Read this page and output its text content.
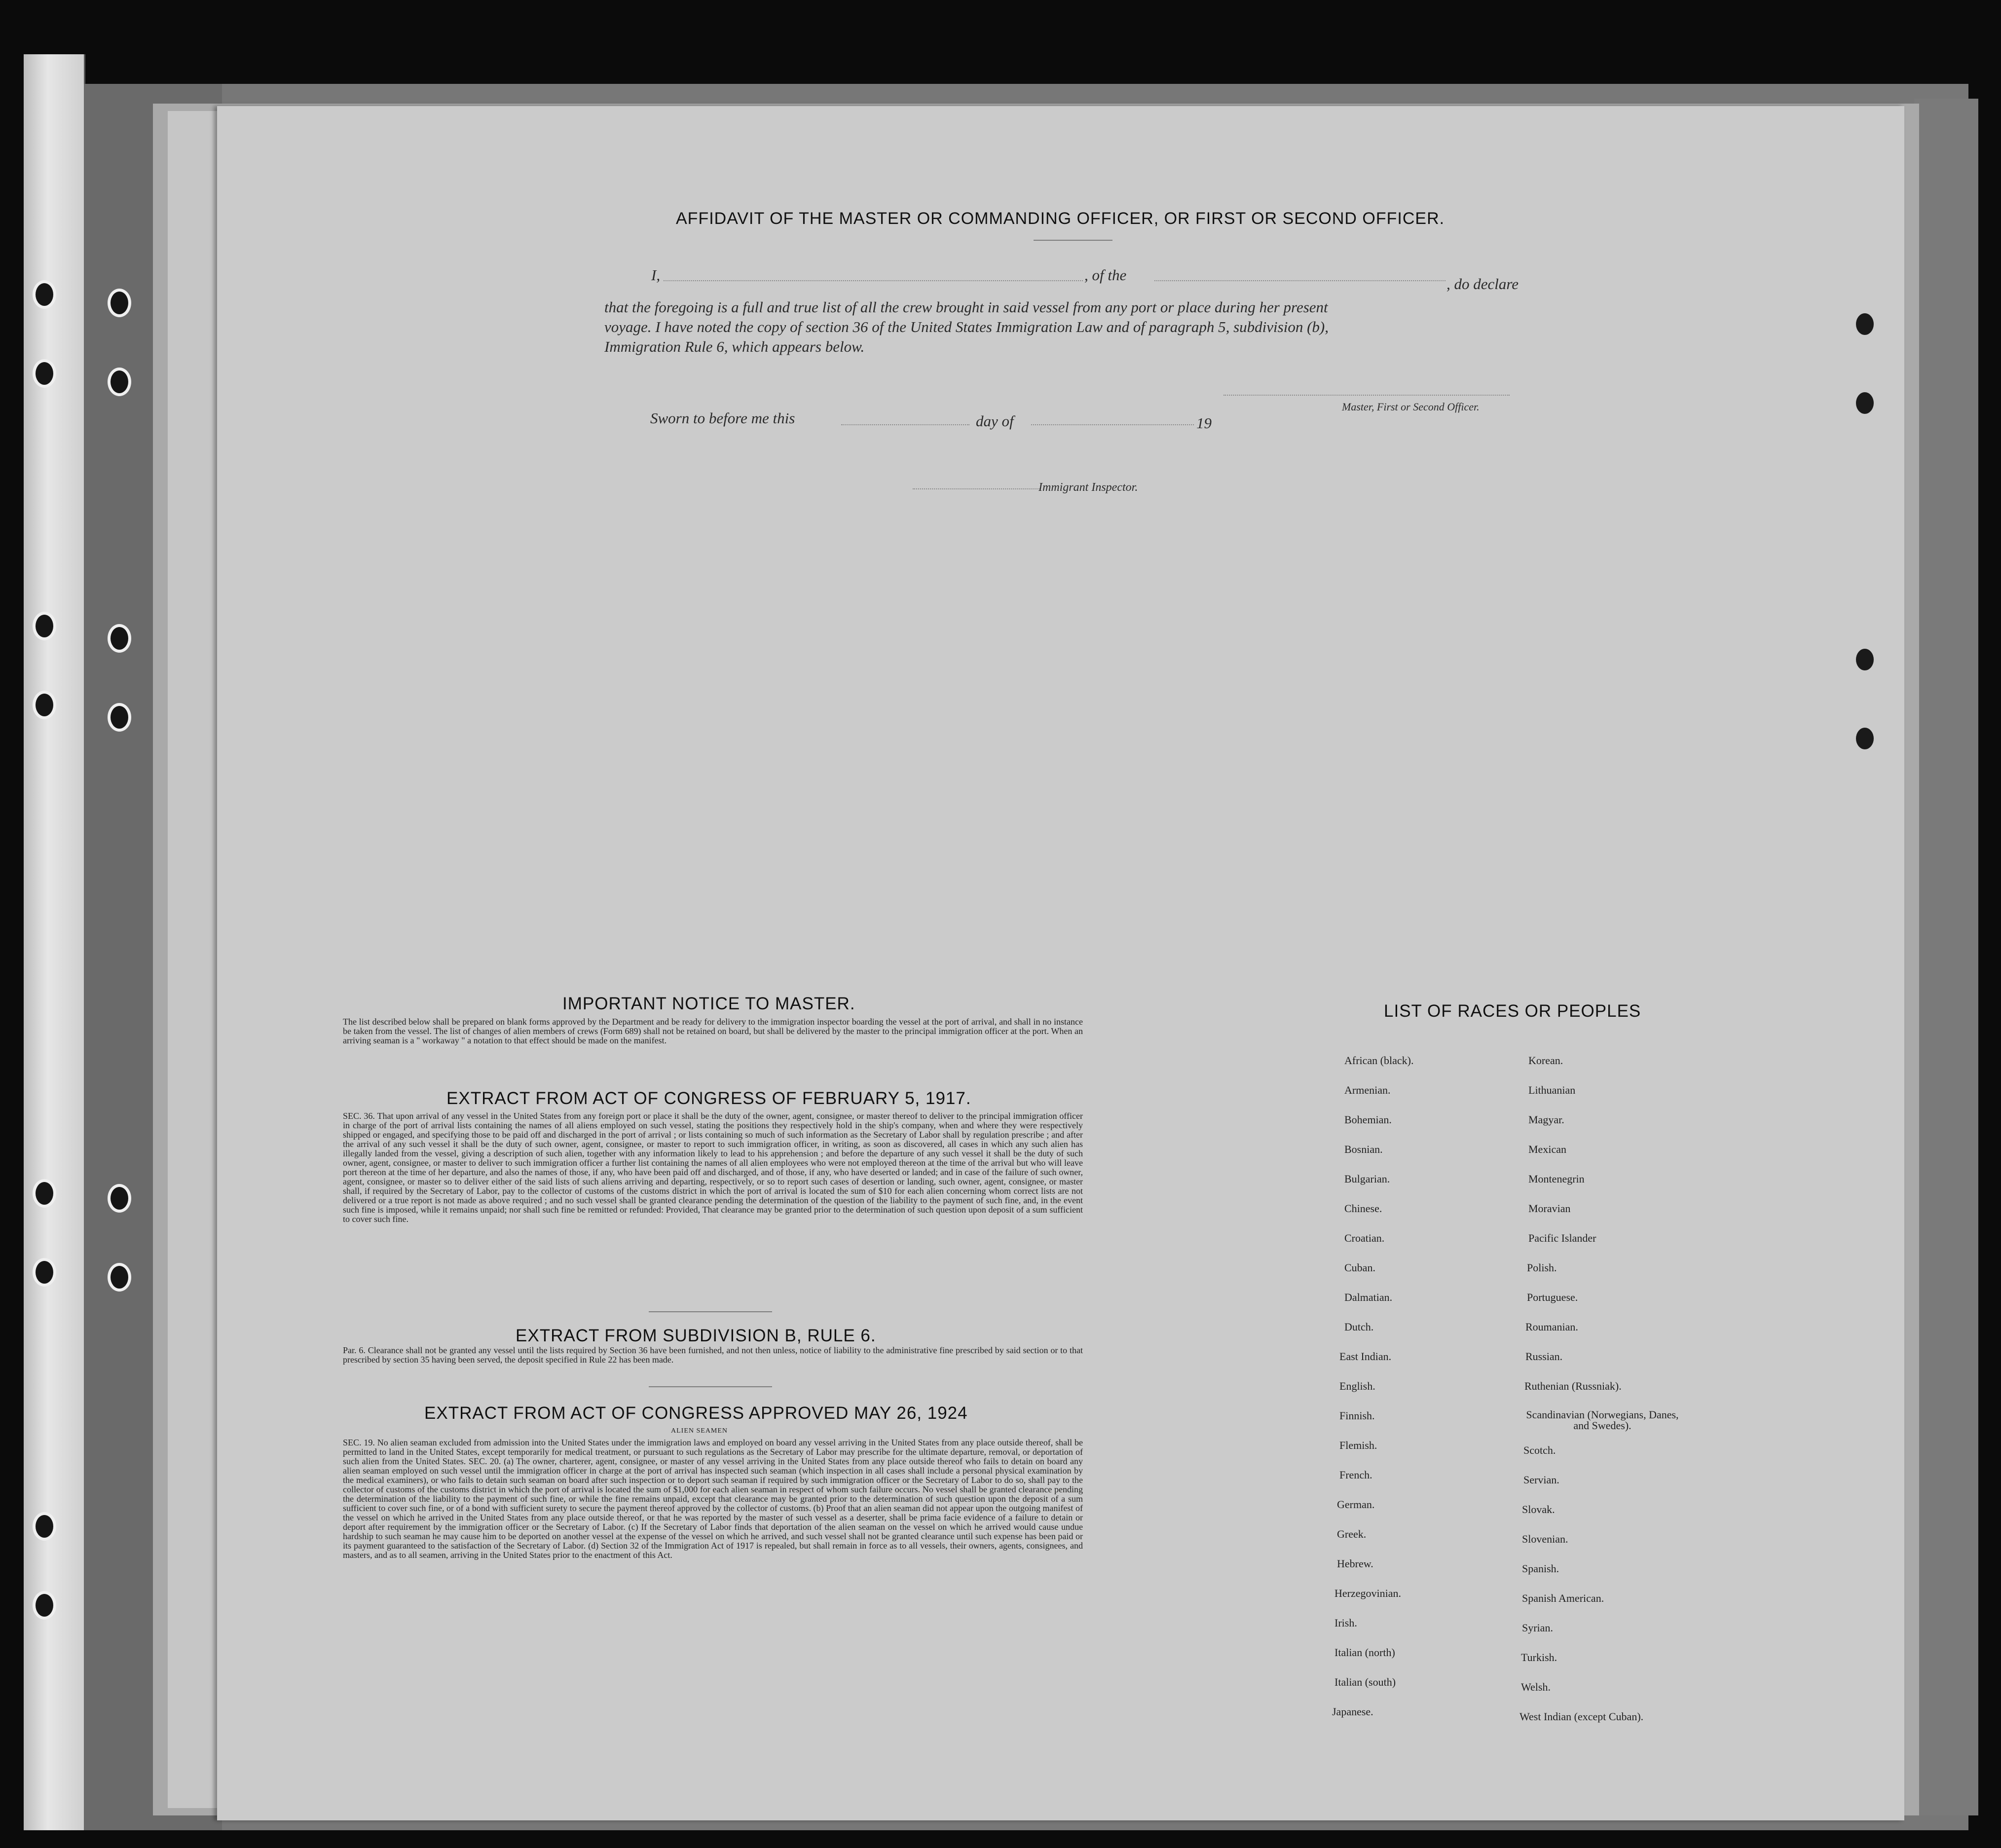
AFFIDAVIT OF THE MASTER OR COMMANDING OFFICER, OR FIRST OR SECOND OFFICER.
I,	, of the
, do declare
that the foregoing is a full and true list of all the crew brought in said vessel from any port or place during her present
voyage. I have noted the copy of section 36 of the United States Immigration Law and of paragraph 5, subdivision (b),
Immigration Rule 6, which appears below.
Master, First or Second Officer.
Sworn to before me this	day of	19
Immigrant Inspector.
IMPORTANT NOTICE TO MASTER.
The list described below shall be prepared on blank forms approved by the Department and be ready for delivery to the immigration inspector boarding the vessel at the port of arrival, and shall in no instance be taken from the vessel. The list of changes of alien members of crews (Form 689) shall not be retained on board, but shall be delivered by the master to the principal immigration officer at the port. When an arriving seaman is a " workaway " a notation to that effect should be made on the manifest.
EXTRACT FROM ACT OF CONGRESS OF FEBRUARY 5, 1917.
SEC. 36. That upon arrival of any vessel in the United States from any foreign port or place it shall be the duty of the owner, agent, consignee, or master thereof to deliver to the principal immigration officer in charge of the port of arrival lists containing the names of all aliens employed on such vessel, stating the positions they respectively hold in the ship's company, when and where they were respectively shipped or engaged, and specifying those to be paid off and discharged in the port of arrival ; or lists containing so much of such information as the Secretary of Labor shall by regulation prescribe ; and after the arrival of any such vessel it shall be the duty of such owner, agent, consignee, or master to report to such immigration officer, in writing, as soon as discovered, all cases in which any such alien has illegally landed from the vessel, giving a description of such alien, together with any information likely to lead to his apprehension ; and before the departure of any such vessel it shall be the duty of such owner, agent, consignee, or master to deliver to such immigration officer a further list containing the names of all alien employees who were not employed thereon at the time of the arrival but who will leave port thereon at the time of her departure, and also the names of those, if any, who have been paid off and discharged, and of those, if any, who have deserted or landed; and in case of the failure of such owner, agent, consignee, or master so to deliver either of the said lists of such aliens arriving and departing, respectively, or so to report such cases of desertion or landing, such owner, agent, consignee, or master shall, if required by the Secretary of Labor, pay to the collector of customs of the customs district in which the port of arrival is located the sum of $10 for each alien concerning whom correct lists are not delivered or a true report is not made as above required ; and no such vessel shall be granted clearance pending the determination of the question of the liability to the payment of such fine, and, in the event such fine is imposed, while it remains unpaid; nor shall such fine be remitted or refunded: Provided, That clearance may be granted prior to the determination of such question upon deposit of a sum sufficient to cover such fine.
EXTRACT FROM SUBDIVISION B, RULE 6.
Par. 6. Clearance shall not be granted any vessel until the lists required by Section 36 have been furnished, and not then unless, notice of liability to the administrative fine prescribed by said section or to that prescribed by section 35 having been served, the deposit specified in Rule 22 has been made.
EXTRACT FROM ACT OF CONGRESS APPROVED MAY 26, 1924
ALIEN SEAMEN
SEC. 19. No alien seaman excluded from admission into the United States under the immigration laws and employed on board any vessel arriving in the United States from any place outside thereof, shall be permitted to land in the United States, except temporarily for medical treatment, or pursuant to such regulations as the Secretary of Labor may prescribe for the ultimate departure, removal, or deportation of such alien from the United States. SEC. 20. (a) The owner, charterer, agent, consignee, or master of any vessel arriving in the United States from any place outside thereof who fails to detain on board any alien seaman employed on such vessel until the immigration officer in charge at the port of arrival has inspected such seaman (which inspection in all cases shall include a personal physical examination by the medical examiners), or who fails to detain such seaman on board after such inspection or to deport such seaman if required by such immigration officer or the Secretary of Labor to do so, shall pay to the collector of customs of the customs district in which the port of arrival is located the sum of $1,000 for each alien seaman in respect of whom such failure occurs. No vessel shall be granted clearance pending the determination of the liability to the payment of such fine, or while the fine remains unpaid, except that clearance may be granted prior to the determination of such question upon the deposit of a sum sufficient to cover such fine, or of a bond with sufficient surety to secure the payment thereof approved by the collector of customs. (b) Proof that an alien seaman did not appear upon the outgoing manifest of the vessel on which he arrived in the United States from any place outside thereof, or that he was reported by the master of such vessel as a deserter, shall be prima facie evidence of a failure to detain or deport after requirement by the immigration officer or the Secretary of Labor. (c) If the Secretary of Labor finds that deportation of the alien seaman on the vessel on which he arrived would cause undue hardship to such seaman he may cause him to be deported on another vessel at the expense of the vessel on which he arrived, and such vessel shall not be granted clearance until such expense has been paid or its payment guaranteed to the satisfaction of the Secretary of Labor. (d) Section 32 of the Immigration Act of 1917 is repealed, but shall remain in force as to all vessels, their owners, agents, consignees, and masters, and as to all seamen, arriving in the United States prior to the enactment of this Act.
LIST OF RACES OR PEOPLES
African (black).
Armenian.
Bohemian.
Bosnian.
Bulgarian.
Chinese.
Croatian.
Cuban.
Dalmatian.
Dutch.
East Indian.
English.
Finnish.
Flemish.
French.
German.
Greek.
Hebrew.
Herzegovinian.
Irish.
Italian (north)
Italian (south)
Japanese.
Korean.
Lithuanian
Magyar.
Mexican
Montenegrin
Moravian
Pacific Islander
Polish.
Portuguese.
Roumanian.
Russian.
Ruthenian (Russniak).
Scandinavian (Norwegians, Danes, and Swedes).
Scotch.
Servian.
Slovak.
Slovenian.
Spanish.
Spanish American.
Syrian.
Turkish.
Welsh.
West Indian (except Cuban).
